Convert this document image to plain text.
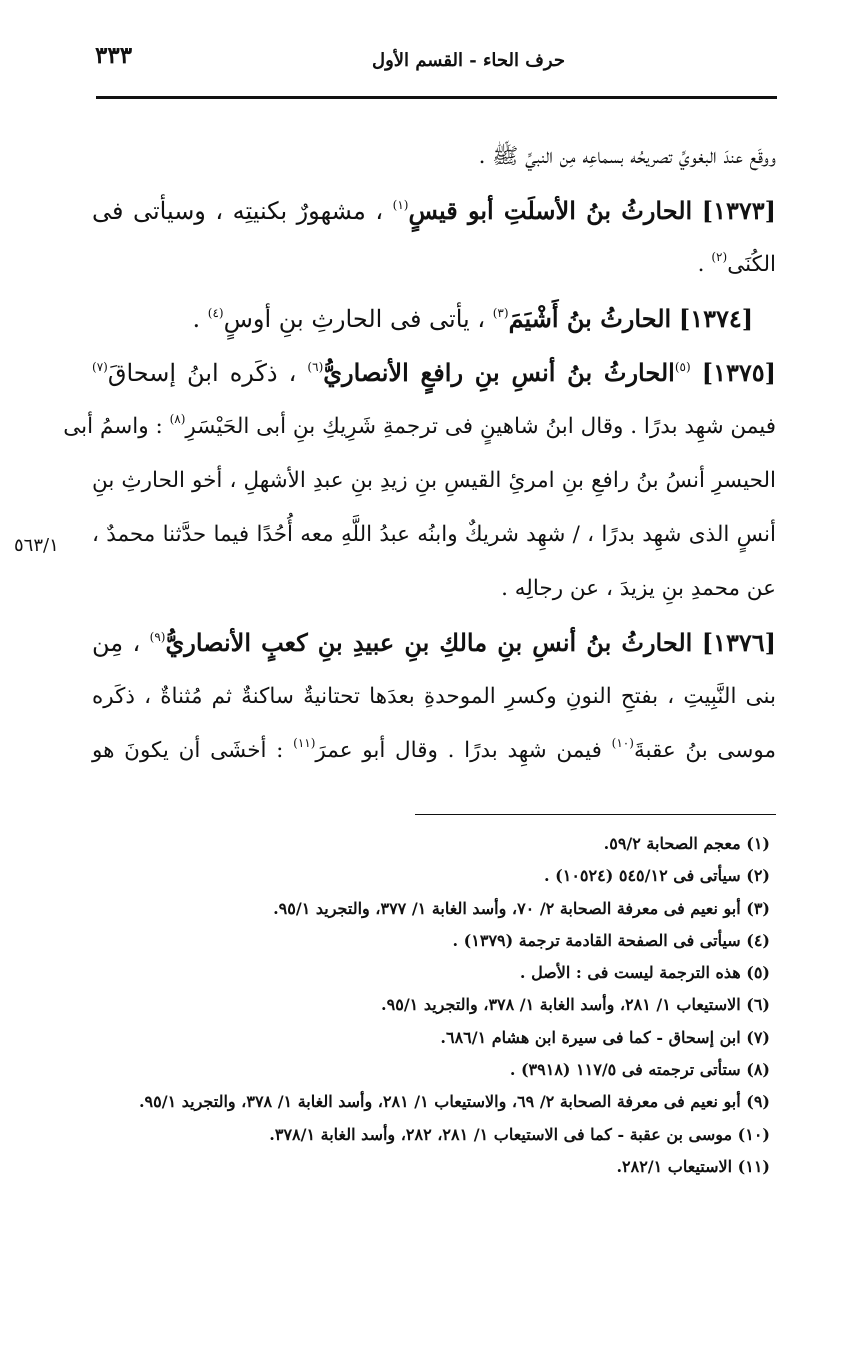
٣٣٣	حرف الحاء - القسم الأول
٥٦٣/١
ووقَع عندَ البغويِّ تصريحُه بسماعِه مِن النبيِّ ﷺ .
[١٣٧٣] الحارثُ بنُ الأسلَتِ أبو قيسٍ$^{(١)}$ ، مشهورٌ بكنيتِه ، وسيأتى فى
الكُنَى$^{(٢)}$ .
[١٣٧٤] الحارثُ بنُ أَشْيَمَ$^{(٣)}$ ، يأتى فى الحارثِ بنِ أوسٍ$^{(٤)}$ .
[١٣٧٥] $^{(٥)}$الحارثُ بنُ أنسِ بنِ رافعٍ الأنصاريُّ$^{(٦)}$ ، ذكَره ابنُ إسحاقَ$^{(٧)}$
فيمن شهِد بدرًا . وقال ابنُ شاهينٍ فى ترجمةِ شَرِيكِ بنِ أبى الحَيْسَرِ$^{(٨)}$ : واسمُ أبى
الحيسرِ أنسُ بنُ رافعِ بنِ امرئِ القيسِ بنِ زيدِ بنِ عبدِ الأشهلِ ، أخو الحارثِ بنِ
أنسٍ الذى شهِد بدرًا ، / شهِد شريكٌ وابنُه عبدُ اللَّهِ معه أُحُدًا فيما حدَّثنا محمدٌ ،
عن محمدِ بنِ يزيدَ ، عن رجالِه .
[١٣٧٦] الحارثُ بنُ أنسِ بنِ مالكِ بنِ عبيدِ بنِ كعبٍ الأنصاريُّ$^{(٩)}$ ، مِن
بنى النَّبِيتِ ، بفتحِ النونِ وكسرِ الموحدةِ بعدَها تحتانيةٌ ساكنةٌ ثم مُثناةٌ ، ذكَره
موسى بنُ عقبةَ$^{(١٠)}$ فيمن شهِد بدرًا . وقال أبو عمرَ$^{(١١)}$ : أخشَى أن يكونَ هو
(١) معجم الصحابة ٥٩/٢.
(٢) سيأتى فى ٥٤٥/١٢ (١٠٥٢٤) .
(٣) أبو نعيم فى معرفة الصحابة ٢/ ٧٠، وأسد الغابة ١/ ٣٧٧، والتجريد ٩٥/١.
(٤) سيأتى فى الصفحة القادمة ترجمة (١٣٧٩) .
(٥) هذه الترجمة ليست فى : الأصل .
(٦) الاستيعاب ١/ ٢٨١، وأسد الغابة ١/ ٣٧٨، والتجريد ٩٥/١.
(٧) ابن إسحاق - كما فى سيرة ابن هشام ٦٨٦/١.
(٨) ستأتى ترجمته فى ١١٧/٥ (٣٩١٨) .
(٩) أبو نعيم فى معرفة الصحابة ٢/ ٦٩، والاستيعاب ١/ ٢٨١، وأسد الغابة ١/ ٣٧٨، والتجريد ٩٥/١.
(١٠) موسى بن عقبة - كما فى الاستيعاب ١/ ٢٨١، ٢٨٢، وأسد الغابة ٣٧٨/١.
(١١) الاستيعاب ٢٨٢/١.
